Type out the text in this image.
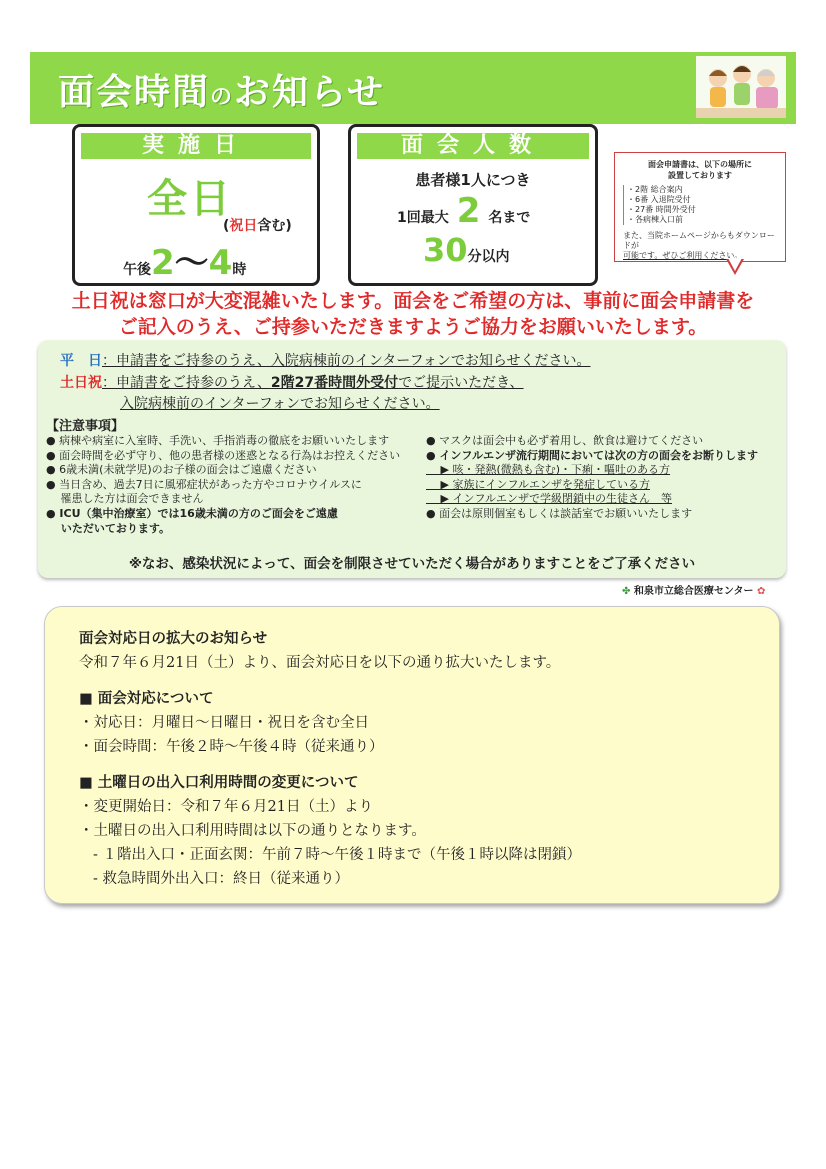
面会時間のお知らせ
実施日
全日
(祝日含む)
午後2〜4時
面会人数
患者様1人につき
1回最大 2 名まで
30分以内
面会申請書は、以下の場所に
設置しております
・2階 総合案内
・6番 入退院受付
・27番 時間外受付
・各病棟入口前
また、当院ホームページからもダウンロードが
可能です。ぜひご利用ください。
土日祝は窓口が大変混雑いたします。面会をご希望の方は、事前に面会申請書を
ご記入のうえ、ご持参いただきますようご協力をお願いいたします。
平　日：申請書をご持参のうえ、入院病棟前のインターフォンでお知らせください。
土日祝：申請書をご持参のうえ、2階27番時間外受付でご提示いただき、
入院病棟前のインターフォンでお知らせください。
【注意事項】
● 病棟や病室に入室時、手洗い、手指消毒の徹底をお願いいたします
● 面会時間を必ず守り、他の患者様の迷惑となる行為はお控えください
● 6歳未満(未就学児)のお子様の面会はご遠慮ください
● 当日含め、過去7日に風邪症状があった方やコロナウイルスに
　 罹患した方は面会できません
● ICU（集中治療室）では16歳未満の方のご面会をご遠慮
　 いただいております。
● マスクは面会中も必ず着用し、飲食は避けてください
● インフルエンザ流行期間においては次の方の面会をお断りします
　 ▶ 咳・発熱(微熱も含む)・下痢・嘔吐のある方
　 ▶ 家族にインフルエンザを発症している方
　 ▶ インフルエンザで学級閉鎖中の生徒さん　等
● 面会は原則個室もしくは談話室でお願いいたします
※なお、感染状況によって、面会を制限させていただく場合がありますことをご了承ください
✤ 和泉市立総合医療センター ✿
面会対応日の拡大のお知らせ
令和７年６月21日（土）より、面会対応日を以下の通り拡大いたします。
■ 面会対応について
・対応日：月曜日～日曜日・祝日を含む全日
・面会時間：午後２時～午後４時（従来通り）
■ 土曜日の出入口利用時間の変更について
・変更開始日：令和７年６月21日（土）より
・土曜日の出入口利用時間は以下の通りとなります。
- １階出入口・正面玄関：午前７時～午後１時まで（午後１時以降は閉鎖）
- 救急時間外出入口：終日（従来通り）
